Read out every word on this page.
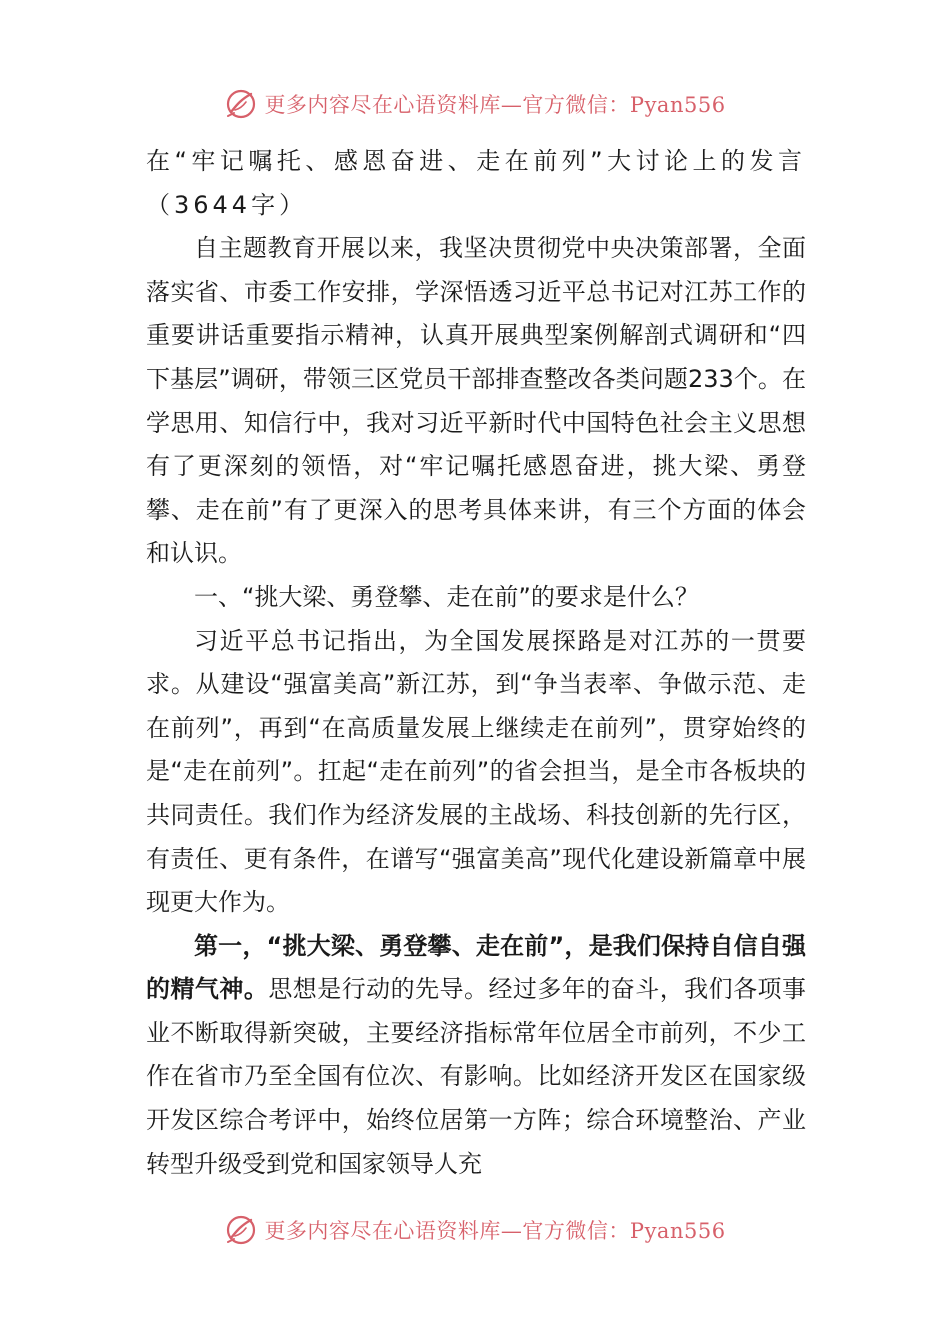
更多内容尽在心语资料库—官方微信：Pyan556

在“牢记嘱托、感恩奋进、走在前列”大讨论上的发言（3644字）

自主题教育开展以来，我坚决贯彻党中央决策部署，全面落实省、市委工作安排，学深悟透习近平总书记对江苏工作的重要讲话重要指示精神，认真开展典型案例解剖式调研和“四下基层”调研，带领三区党员干部排查整改各类问题233个。在学思用、知信行中，我对习近平新时代中国特色社会主义思想有了更深刻的领悟，对“牢记嘱托感恩奋进，挑大梁、勇登攀、走在前”有了更深入的思考具体来讲，有三个方面的体会和认识。

一、“挑大梁、勇登攀、走在前”的要求是什么？

习近平总书记指出，为全国发展探路是对江苏的一贯要求。从建设“强富美高”新江苏，到“争当表率、争做示范、走在前列”，再到“在高质量发展上继续走在前列”，贯穿始终的是“走在前列”。扛起“走在前列”的省会担当，是全市各板块的共同责任。我们作为经济发展的主战场、科技创新的先行区，有责任、更有条件，在谱写“强富美高”现代化建设新篇章中展现更大作为。

第一，“挑大梁、勇登攀、走在前”，是我们保持自信自强的精气神。思想是行动的先导。经过多年的奋斗，我们各项事业不断取得新突破，主要经济指标常年位居全市前列，不少工作在省市乃至全国有位次、有影响。比如经济开发区在国家级开发区综合考评中，始终位居第一方阵；综合环境整治、产业转型升级受到党和国家领导人充

更多内容尽在心语资料库—官方微信：Pyan556
